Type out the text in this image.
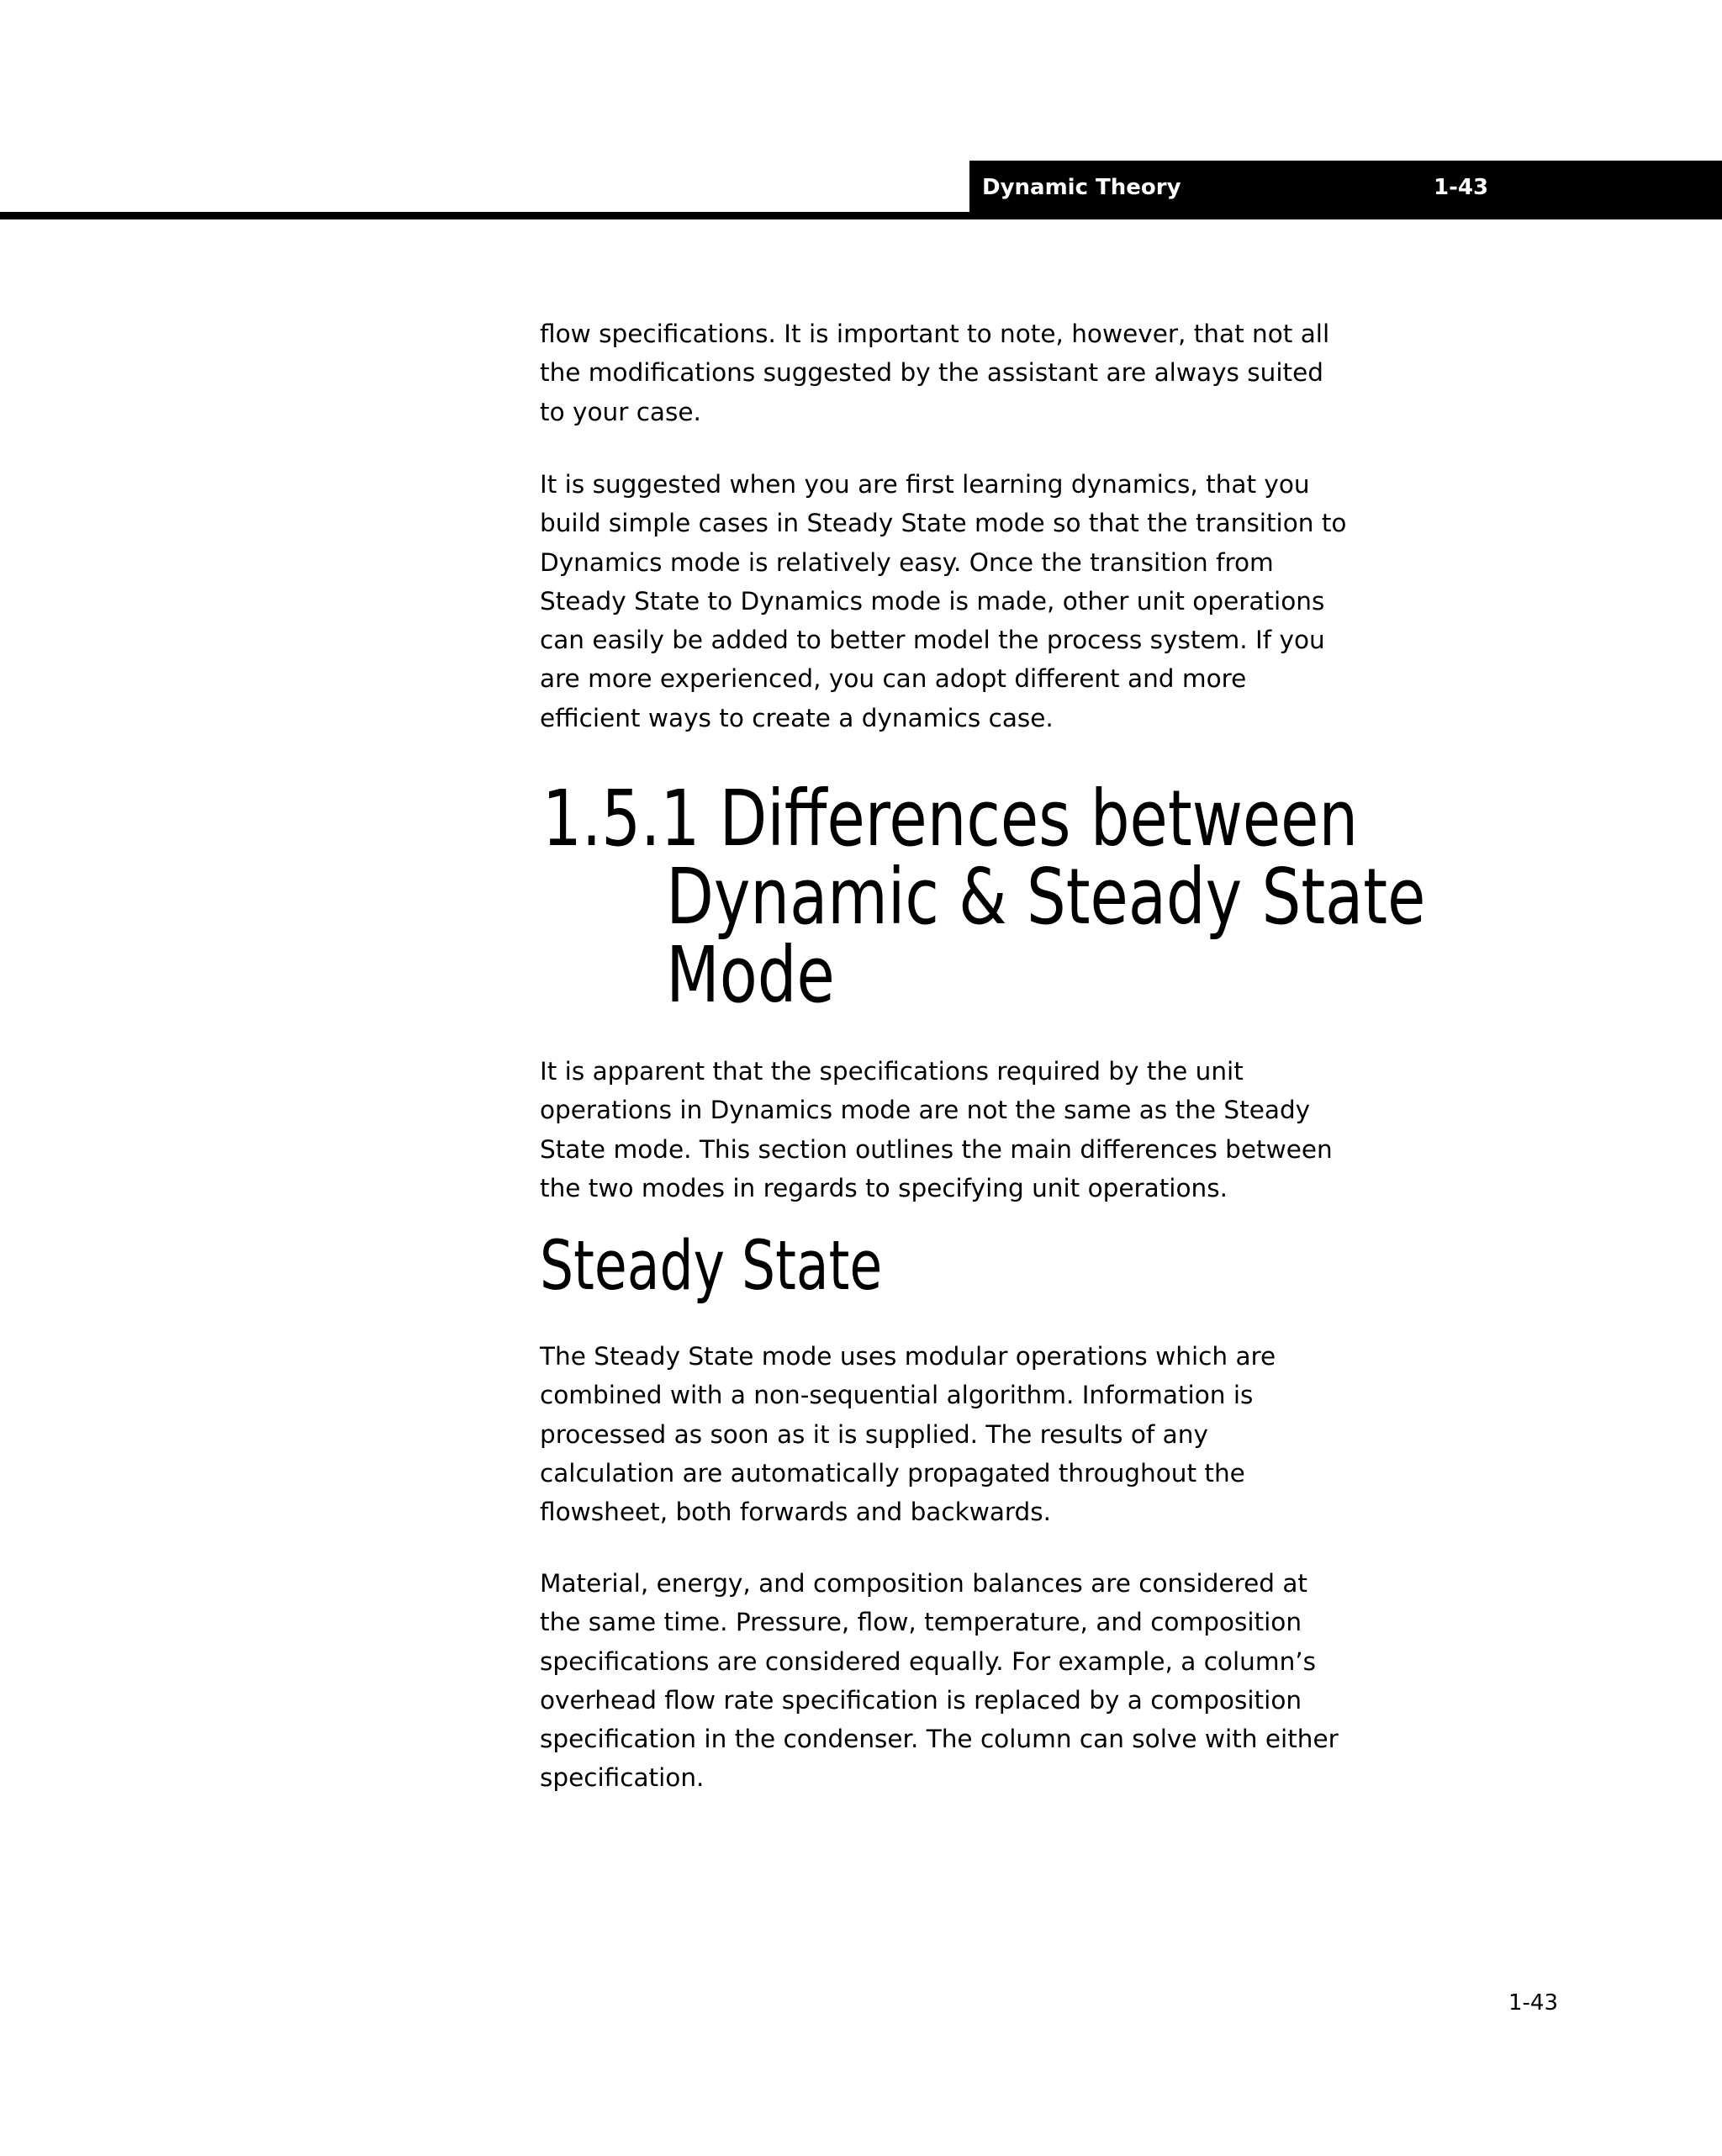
Dynamic Theory	1-43
flow specifications. It is important to note, however, that not all
the modifications suggested by the assistant are always suited
to your case.
It is suggested when you are first learning dynamics, that you
build simple cases in Steady State mode so that the transition to
Dynamics mode is relatively easy. Once the transition from
Steady State to Dynamics mode is made, other unit operations
can easily be added to better model the process system. If you
are more experienced, you can adopt different and more
efficient ways to create a dynamics case.
1.5.1 Differences between
Dynamic & Steady State
Mode
It is apparent that the specifications required by the unit
operations in Dynamics mode are not the same as the Steady
State mode. This section outlines the main differences between
the two modes in regards to specifying unit operations.
Steady State
The Steady State mode uses modular operations which are
combined with a non-sequential algorithm. Information is
processed as soon as it is supplied. The results of any
calculation are automatically propagated throughout the
flowsheet, both forwards and backwards.
Material, energy, and composition balances are considered at
the same time. Pressure, flow, temperature, and composition
specifications are considered equally. For example, a column’s
overhead flow rate specification is replaced by a composition
specification in the condenser. The column can solve with either
specification.
1-43
